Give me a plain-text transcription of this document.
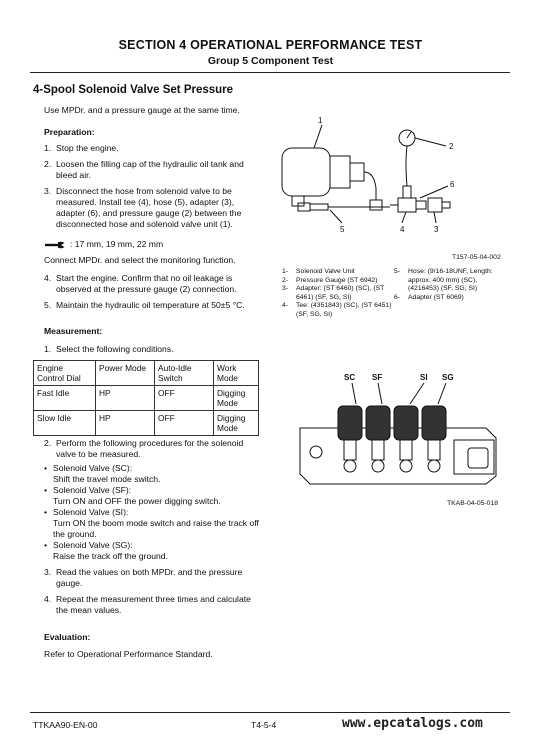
SECTION 4 OPERATIONAL PERFORMANCE TEST
Group 5 Component Test
4-Spool Solenoid Valve Set Pressure
Use MPDr. and a pressure gauge at the same time.
Preparation:
1. Stop the engine.
2. Loosen the filling cap of the hydraulic oil tank and bleed air.
3. Disconnect the hose from solenoid valve to be measured. Install tee (4), hose (5), adapter (3), adapter (6), and pressure gauge (2) between the disconnected hose and solenoid valve unit (1).
: 17 mm, 19 mm, 22 mm
Connect MPDr. and select the monitoring function.
4. Start the engine. Confirm that no oil leakage is observed at the pressure gauge (2) connection.
5. Maintain the hydraulic oil temperature at 50±5 °C.
Measurement:
1. Select the following conditions.
Engine Control Dial	Power Mode	Auto-Idle Switch	Work Mode
Fast Idle	HP	OFF	Digging Mode
Slow Idle	HP	OFF	Digging Mode
2. Perform the following procedures for the solenoid valve to be measured.
• Solenoid Valve (SC):
Shift the travel mode switch.
• Solenoid Valve (SF):
Turn ON and OFF the power digging switch.
• Solenoid Valve (SI):
Turn ON the boom mode switch and raise the track off the ground.
• Solenoid Valve (SG):
Raise the track off the ground.
3. Read the values on both MPDr. and the pressure gauge.
4. Repeat the measurement three times and calculate the mean values.
Evaluation:
Refer to Operational Performance Standard.
1
2
6
5	4	3
T157-05-04-002
1-	Solenoid Valve Unit
2-	Pressure Gauge (ST 6942)
3-	Adapter: (ST 6460) (SC), (ST 6461) (SF, SG, SI)
4-	Tee: (4351843) (SC), (ST 6451) (SF, SG, SI)
5-	Hose: (9/16-18UNF, Length: approx. 400 mm) (SC), (4216453) (SF, SG, SI)
6-	Adapter (ST 6069)
SC SF	SI SG
TKAB-04-05-018
TTKAA90-EN-00	T4-5-4	www.epcatalogs.com
